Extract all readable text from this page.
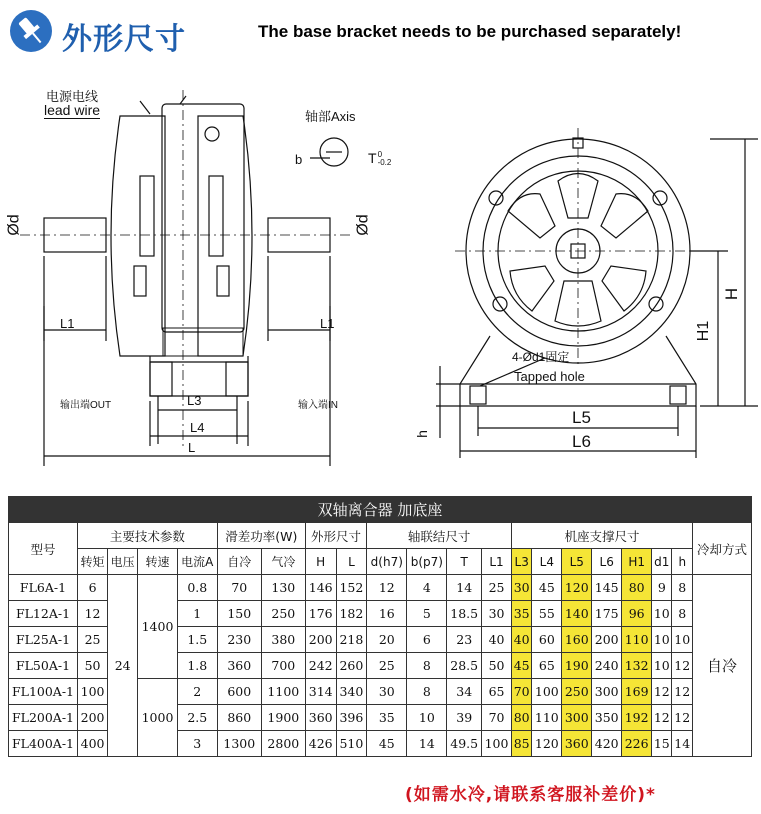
外形尺寸	The base bracket needs to be purchased separately!
电源电线
lead wire	轴部Axis
b	T0
-0.2
Ød	Ød
L1	L1
输出端OUT	输入端IN
L3
L4
L
H
H1
h
L5
L6
4-Ød1固定
Tapped hole
双轴离合器 加底座																				
型号	主要技术参数				滑差功率(W)		外形尺寸		轴联结尺寸				机座支撑尺寸							冷却方式
	转矩	电压	转速	电流A	自冷	气冷	H	L	d(h7)	b(p7)	T	L1	L3	L4	L5	L6	H1	d1	h	
FL6A-1	6	24	1400	0.8	70	130	146	152	12	4	14	25	30	45	120	145	80	9	8	自冷
FL12A-1	12			1	150	250	176	182	16	5	18.5	30	35	55	140	175	96	10	8	
FL25A-1	25			1.5	230	380	200	218	20	6	23	40	40	60	160	200	110	10	10	
FL50A-1	50			1.8	360	700	242	260	25	8	28.5	50	45	65	190	240	132	10	12	
FL100A-1	100		1000	2	600	1100	314	340	30	8	34	65	70	100	250	300	169	12	12	
FL200A-1	200			2.5	860	1900	360	396	35	10	39	70	80	110	300	350	192	12	12	
FL400A-1	400			3	1300	2800	426	510	45	14	49.5	100	85	120	360	420	226	15	14	
(如需水冷,请联系客服补差价)*
